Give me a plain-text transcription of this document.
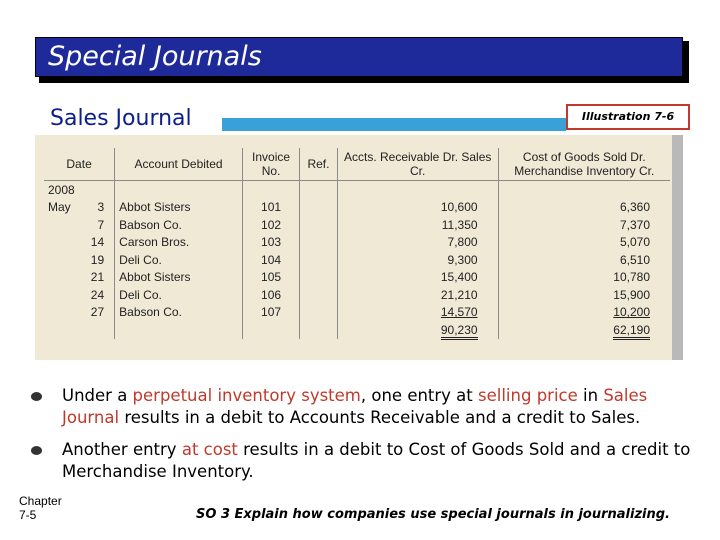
Special Journals
Sales Journal	Illustration 7-6
Date		Account Debited	Invoice No.	Ref.	Accts. Receivable Dr. Sales Cr.	Cost of Goods Sold Dr. Merchandise Inventory Cr.
2008						
May	3	Abbot Sisters	101		10,600	6,360
	7	Babson Co.	102		11,350	7,370
	14	Carson Bros.	103		7,800	5,070
	19	Deli Co.	104		9,300	6,510
	21	Abbot Sisters	105		15,400	10,780
	24	Deli Co.	106		21,210	15,900
	27	Babson Co.	107		14,570	10,200
					90,230	62,190
Under a perpetual inventory system, one entry at selling price in Sales Journal results in a debit to Accounts Receivable and a credit to Sales.
Another entry at cost results in a debit to Cost of Goods Sold and a credit to Merchandise Inventory.
Chapter
7-5	SO 3 Explain how companies use special journals in journalizing.
